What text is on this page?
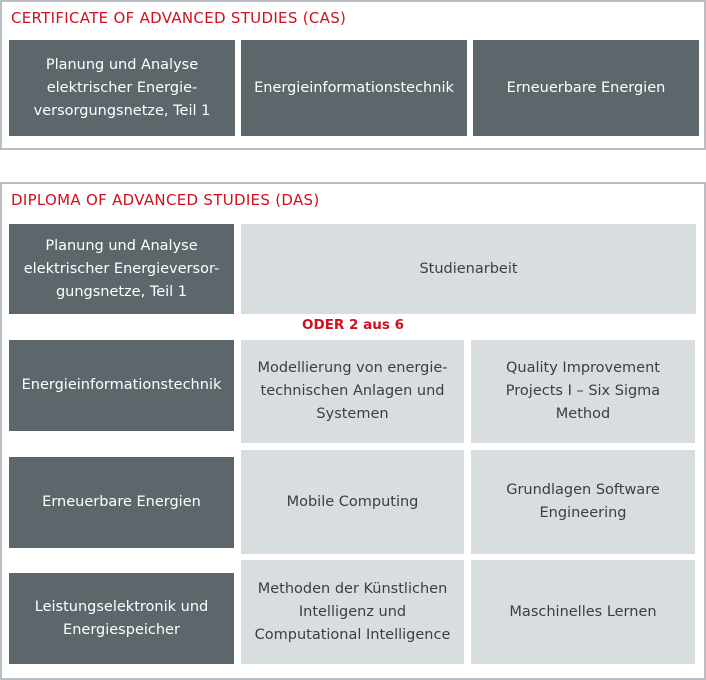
CERTIFICATE OF ADVANCED STUDIES (CAS)
Planung und Analyse elektrischer Energie-versorgungsnetze, Teil 1
Energieinformationstechnik	Erneuerbare Energien
DIPLOMA OF ADVANCED STUDIES (DAS)
Planung und Analyse elektrischer Energieversor-gungsnetze, Teil 1
Studienarbeit
ODER 2 aus 6
Energieinformationstechnik
Modellierung von energie-technischen Anlagen und Systemen
Quality Improvement Projects I – Six Sigma Method
Erneuerbare Energien	Mobile Computing
Grundlagen Software Engineering
Leistungselektronik und Energiespeicher
Methoden der Künstlichen Intelligenz und Computational Intelligence
Maschinelles Lernen
